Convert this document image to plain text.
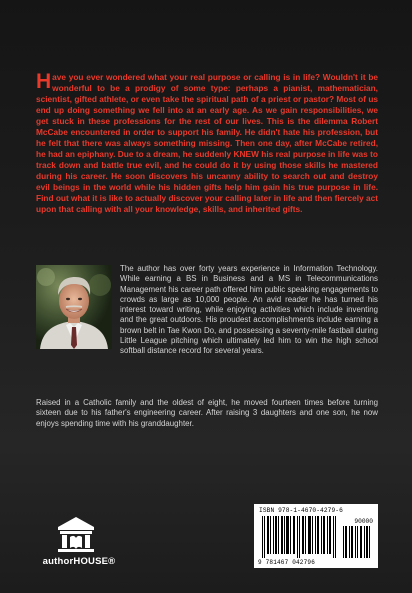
Have you ever wondered what your real purpose or calling is in life? Wouldn't it be wonderful to be a prodigy of some type: perhaps a pianist, mathematician, scientist, gifted athlete, or even take the spiritual path of a priest or pastor? Most of us end up doing something we fell into at an early age. As we gain responsibilities, we get stuck in these professions for the rest of our lives. This is the dilemma Robert McCabe encountered in order to support his family. He didn't hate his profession, but he felt that there was always something missing. Then one day, after McCabe retired, he had an epiphany. Due to a dream, he suddenly KNEW his real purpose in life was to track down and battle true evil, and he could do it by using those skills he mastered during his career. He soon discovers his uncanny ability to search out and destroy evil beings in the world while his hidden gifts help him gain his true purpose in life. Find out what it is like to actually discover your calling later in life and then fiercely act upon that calling with all your knowledge, skills, and inherited gifts.
The author has over forty years experience in Information Technology. While earning a BS in Business and a MS in Telecommunications Management his career path offered him public speaking engagements to crowds as large as 10,000 people. An avid reader he has turned his interest toward writing, while enjoying activities which include inventing and the great outdoors. His proudest accomplishments include earning a brown belt in Tae Kwon Do, and possessing a seventy-mile fastball during Little League pitching which ultimately led him to win the high school softball distance record for several years.
Raised in a Catholic family and the oldest of eight, he moved fourteen times before turning sixteen due to his father's engineering career. After raising 3 daughters and one son, he now enjoys spending time with his granddaughter.
authorHOUSE®
ISBN 978-1-4670-4279-6
90000
9 781467 042796
